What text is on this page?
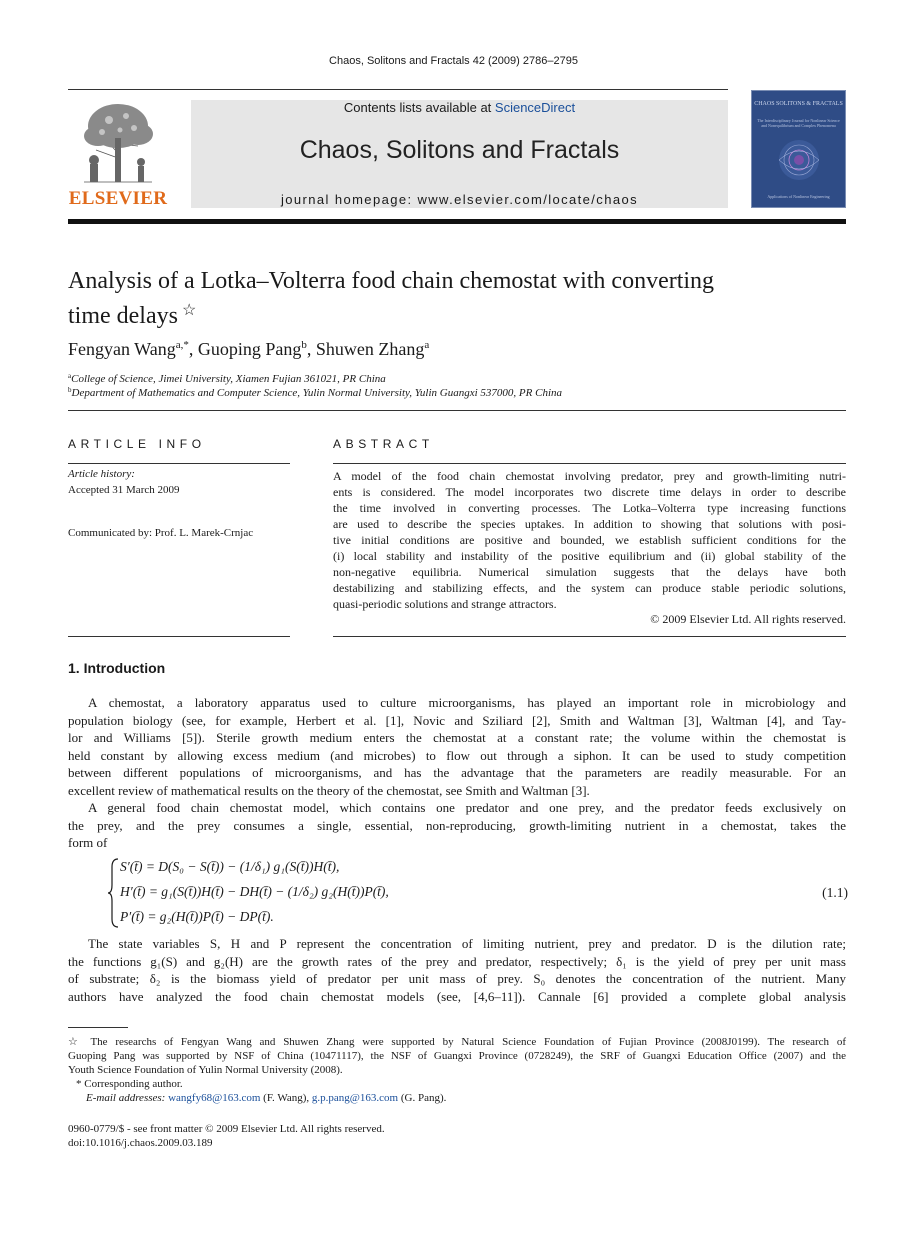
Chaos, Solitons and Fractals 42 (2009) 2786–2795
ELSEVIER
Contents lists available at ScienceDirect
Chaos, Solitons and Fractals
journal homepage: www.elsevier.com/locate/chaos
CHAOS SOLITONS & FRACTALS
The Interdisciplinary Journal for Nonlinear Science and Nonequilibrium and Complex Phenomena
Applications of Nonlinear Engineering
Analysis of a Lotka–Volterra food chain chemostat with converting
time delays ☆
Fengyan Wang$^{a,*}$, Guoping Pang$^b$, Shuwen Zhang$^a$
$^a$College of Science, Jimei University, Xiamen Fujian 361021, PR China
$^b$Department of Mathematics and Computer Science, Yulin Normal University, Yulin Guangxi 537000, PR China
ARTICLE INFO
Article history:
Accepted 31 March 2009
Communicated by: Prof. L. Marek-Crnjac
ABSTRACT
A model of the food chain chemostat involving predator, prey and growth-limiting nutri-
ents is considered. The model incorporates two discrete time delays in order to describe
the time involved in converting processes. The Lotka–Volterra type increasing functions
are used to describe the species uptakes. In addition to showing that solutions with posi-
tive initial conditions are positive and bounded, we establish sufficient conditions for the
(i) local stability and instability of the positive equilibrium and (ii) global stability of the
non-negative equilibria. Numerical simulation suggests that the delays have both
destabilizing and stabilizing effects, and the system can produce stable periodic solutions,
quasi-periodic solutions and strange attractors.
© 2009 Elsevier Ltd. All rights reserved.
1. Introduction
A chemostat, a laboratory apparatus used to culture microorganisms, has played an important role in microbiology and
population biology (see, for example, Herbert et al. [1], Novic and Sziliard [2], Smith and Waltman [3], Waltman [4], and Tay-
lor and Williams [5]). Sterile growth medium enters the chemostat at a constant rate; the volume within the chemostat is
held constant by allowing excess medium (and microbes) to flow out through a siphon. It can be used to study competition
between different populations of microorganisms, and has the advantage that the parameters are readily measurable. For an
excellent review of mathematical results on the theory of the chemostat, see Smith and Waltman [3].
A general food chain chemostat model, which contains one predator and one prey, and the predator feeds exclusively on
the prey, and the prey consumes a single, essential, non-reproducing, growth-limiting nutrient in a chemostat, takes the
form of
S′(t̄) = D(S₀ − S(t̄)) − (1/δ₁) g₁(S(t̄))H(t̄),
H′(t̄) = g₁(S(t̄))H(t̄) − DH(t̄) − (1/δ₂) g₂(H(t̄))P(t̄),
P′(t̄) = g₂(H(t̄))P(t̄) − DP(t̄).
(1.1)
The state variables S, H and P represent the concentration of limiting nutrient, prey and predator. D is the dilution rate;
the functions g₁(S) and g₂(H) are the growth rates of the prey and predator, respectively; δ₁ is the yield of prey per unit mass
of substrate; δ₂ is the biomass yield of predator per unit mass of prey. S₀ denotes the concentration of the nutrient. Many
authors have analyzed the food chain chemostat models (see, [4,6–11]). Cannale [6] provided a complete global analysis
☆ The researchs of Fengyan Wang and Shuwen Zhang were supported by Natural Science Foundation of Fujian Province (2008J0199). The research of
Guoping Pang was supported by NSF of China (10471117), the NSF of Guangxi Province (0728249), the SRF of Guangxi Education Office (2007) and the
Youth Science Foundation of Yulin Normal University (2008).
* Corresponding author.
E-mail addresses: wangfy68@163.com (F. Wang), g.p.pang@163.com (G. Pang).
0960-0779/$ - see front matter © 2009 Elsevier Ltd. All rights reserved.
doi:10.1016/j.chaos.2009.03.189
